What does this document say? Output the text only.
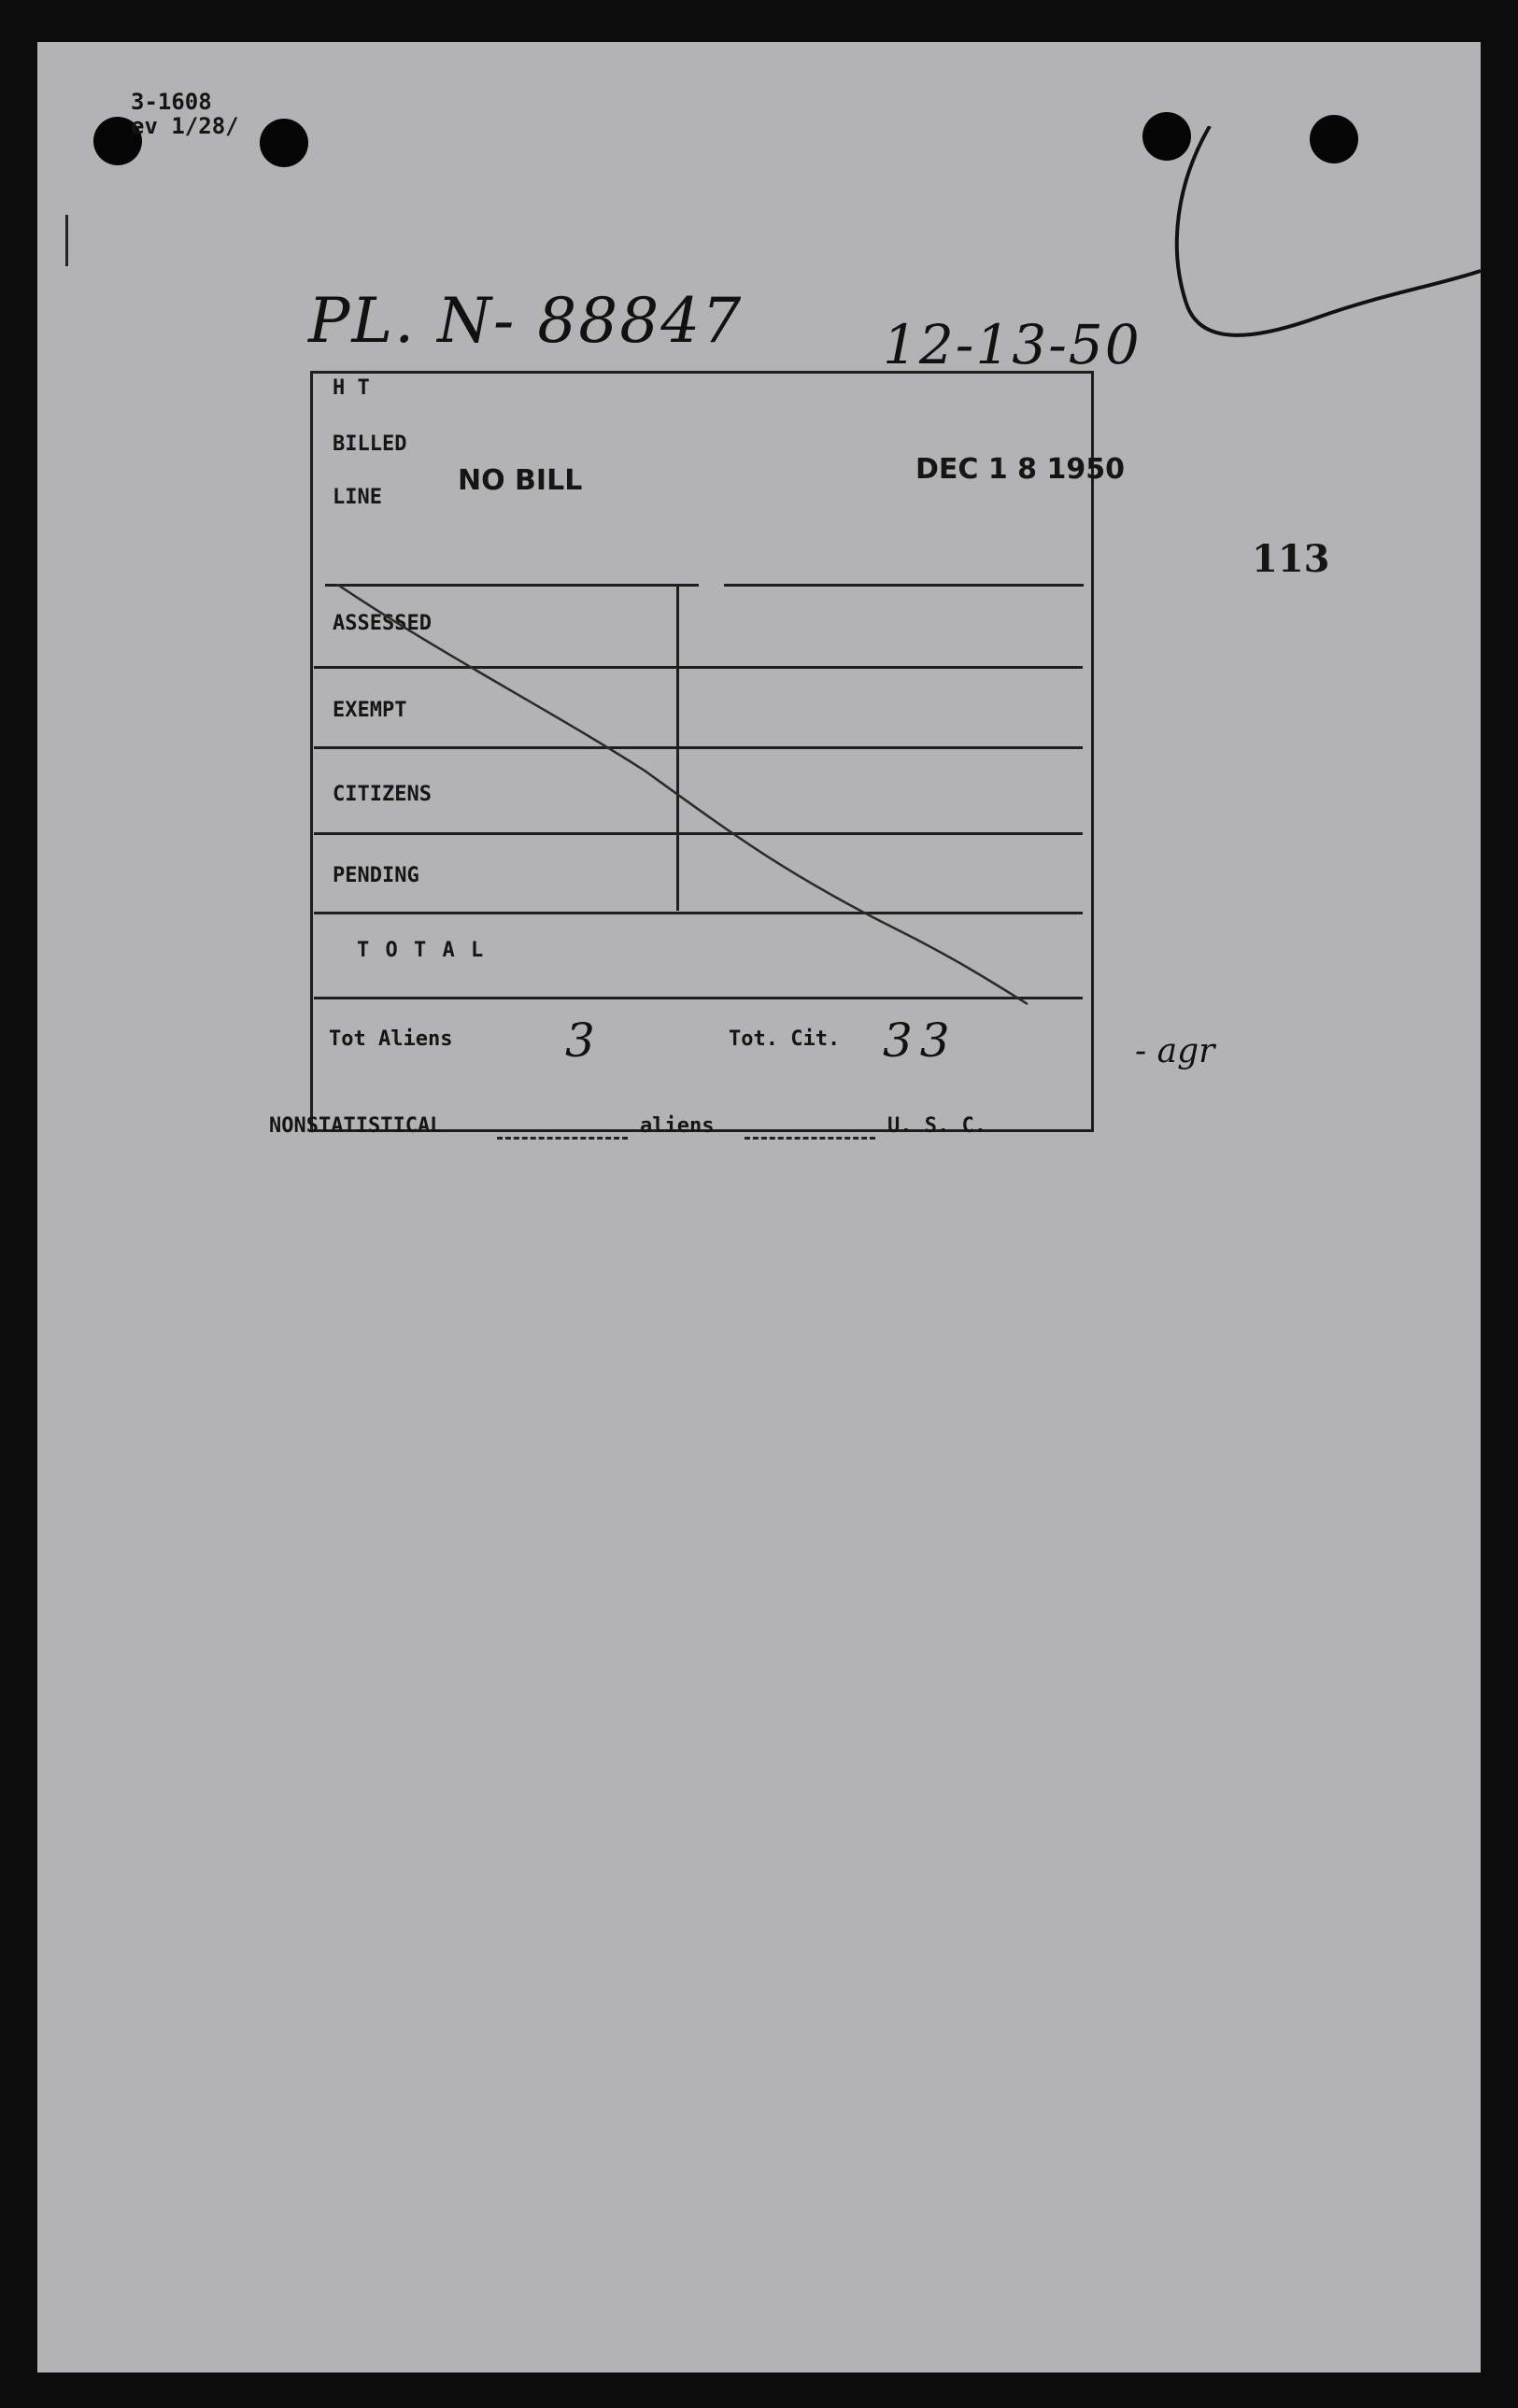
3-1608
ev 1/28/
PL. N- 88847	12-13-50
113
H T
BILLED
LINE
NO BILL	DEC 1 8 1950
ASSESSED
EXEMPT
CITIZENS
PENDING
T O T A L
Tot Aliens 3	Tot. Cit. 33	- agr
NONSTATISTICAL	aliens	U. S. C.
